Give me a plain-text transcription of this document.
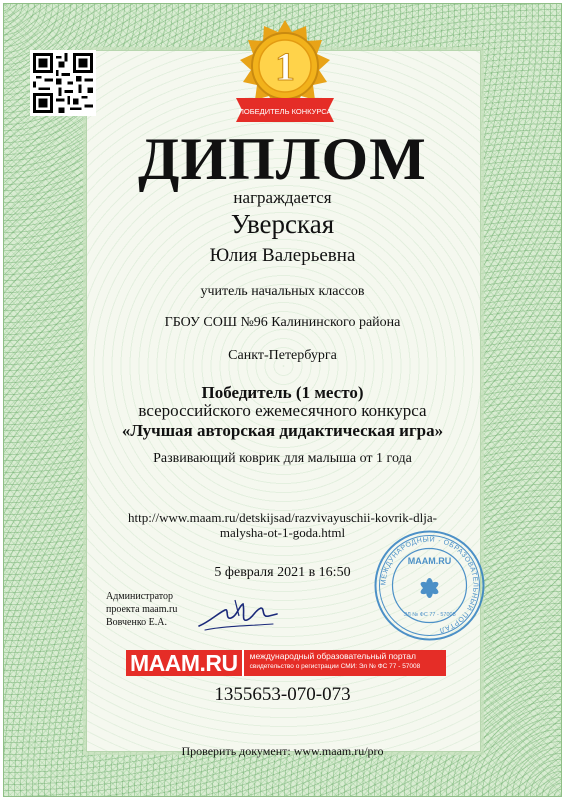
1
ПОБЕДИТЕЛЬ КОНКУРСА
ДИПЛОМ
награждается
Уверская
Юлия Валерьевна
учитель начальных классов
ГБОУ СОШ №96 Калининского района
Санкт-Петербурга
Победитель (1 место)
всероссийского ежемесячного конкурса
«Лучшая авторская дидактическая игра»
Развивающий коврик для малыша от 1 года
http://www.maam.ru/detskijsad/razvivayuschii-kovrik-dlja-
malysha-ot-1-goda.html
5 февраля 2021 в 16:50
Администратор
проекта maam.ru
Вовченко Е.А.
МЕЖДУНАРОДНЫЙ · ОБРАЗОВАТЕЛЬНЫЙ ПОРТАЛ
MAAM.RU
ЭЛ № ФС 77 - 57008
MAAM.RU	международный образовательный портал
свидетельство о регистрации СМИ: Эл № ФС 77 - 57008
1355653-070-073
Проверить документ: www.maam.ru/pro
